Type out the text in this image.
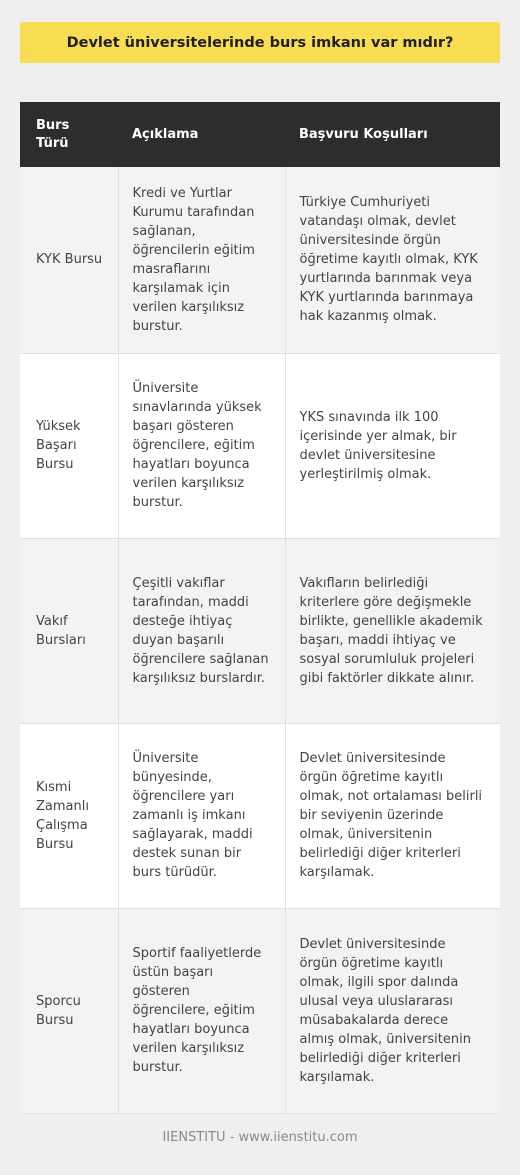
Devlet üniversitelerinde burs imkanı var mıdır?
Burs Türü	Açıklama	Başvuru Koşulları
KYK Bursu	Kredi ve Yurtlar Kurumu tarafından sağlanan, öğrencilerin eğitim masraflarını karşılamak için verilen karşılıksız burstur.	Türkiye Cumhuriyeti vatandaşı olmak, devlet üniversitesinde örgün öğretime kayıtlı olmak, KYK yurtlarında barınmak veya KYK yurtlarında barınmaya hak kazanmış olmak.
Yüksek Başarı Bursu	Üniversite sınavlarında yüksek başarı gösteren öğrencilere, eğitim hayatları boyunca verilen karşılıksız burstur.	YKS sınavında ilk 100 içerisinde yer almak, bir devlet üniversitesine yerleştirilmiş olmak.
Vakıf Bursları	Çeşitli vakıflar tarafından, maddi desteğe ihtiyaç duyan başarılı öğrencilere sağlanan karşılıksız burslardır.	Vakıfların belirlediği kriterlere göre değişmekle birlikte, genellikle akademik başarı, maddi ihtiyaç ve sosyal sorumluluk projeleri gibi faktörler dikkate alınır.
Kısmi Zamanlı Çalışma Bursu	Üniversite bünyesinde, öğrencilere yarı zamanlı iş imkanı sağlayarak, maddi destek sunan bir burs türüdür.	Devlet üniversitesinde örgün öğretime kayıtlı olmak, not ortalaması belirli bir seviyenin üzerinde olmak, üniversitenin belirlediği diğer kriterleri karşılamak.
Sporcu Bursu	Sportif faaliyetlerde üstün başarı gösteren öğrencilere, eğitim hayatları boyunca verilen karşılıksız burstur.	Devlet üniversitesinde örgün öğretime kayıtlı olmak, ilgili spor dalında ulusal veya uluslararası müsabakalarda derece almış olmak, üniversitenin belirlediği diğer kriterleri karşılamak.
IIENSTITU - www.iienstitu.com
